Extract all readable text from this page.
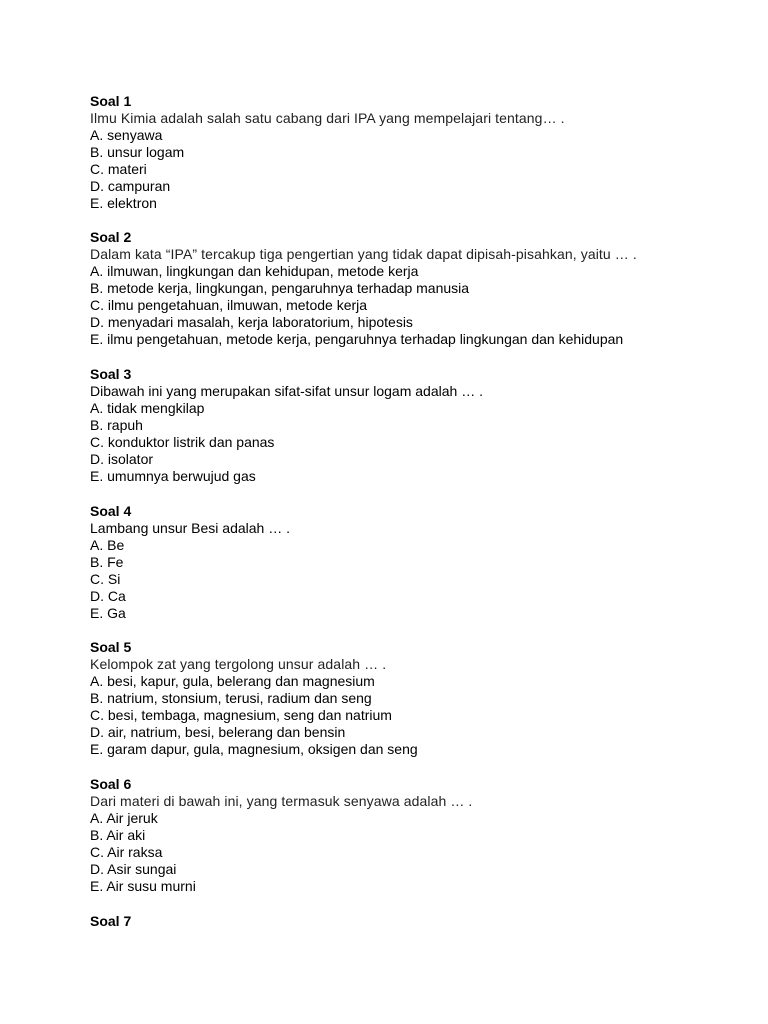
Soal 1
Ilmu Kimia adalah salah satu cabang dari IPA yang mempelajari tentang… .
A. senyawa
B. unsur logam
C. materi
D. campuran
E. elektron
Soal 2
Dalam kata “IPA” tercakup tiga pengertian yang tidak dapat dipisah-pisahkan, yaitu … .
A. ilmuwan, lingkungan dan kehidupan, metode kerja
B. metode kerja, lingkungan, pengaruhnya terhadap manusia
C. ilmu pengetahuan, ilmuwan, metode kerja
D. menyadari masalah, kerja laboratorium, hipotesis
E. ilmu pengetahuan, metode kerja, pengaruhnya terhadap lingkungan dan kehidupan
Soal 3
Dibawah ini yang merupakan sifat-sifat unsur logam adalah … .
A. tidak mengkilap
B. rapuh
C. konduktor listrik dan panas
D. isolator
E. umumnya berwujud gas
Soal 4
Lambang unsur Besi adalah … .
A. Be
B. Fe
C. Si
D. Ca
E. Ga
Soal 5
Kelompok zat yang tergolong unsur adalah … .
A. besi, kapur, gula, belerang dan magnesium
B. natrium, stonsium, terusi, radium dan seng
C. besi, tembaga, magnesium, seng dan natrium
D. air, natrium, besi, belerang dan bensin
E. garam dapur, gula, magnesium, oksigen dan seng
Soal 6
Dari materi di bawah ini, yang termasuk senyawa adalah … .
A. Air jeruk
B. Air aki
C. Air raksa
D. Asir sungai
E. Air susu murni
Soal 7
